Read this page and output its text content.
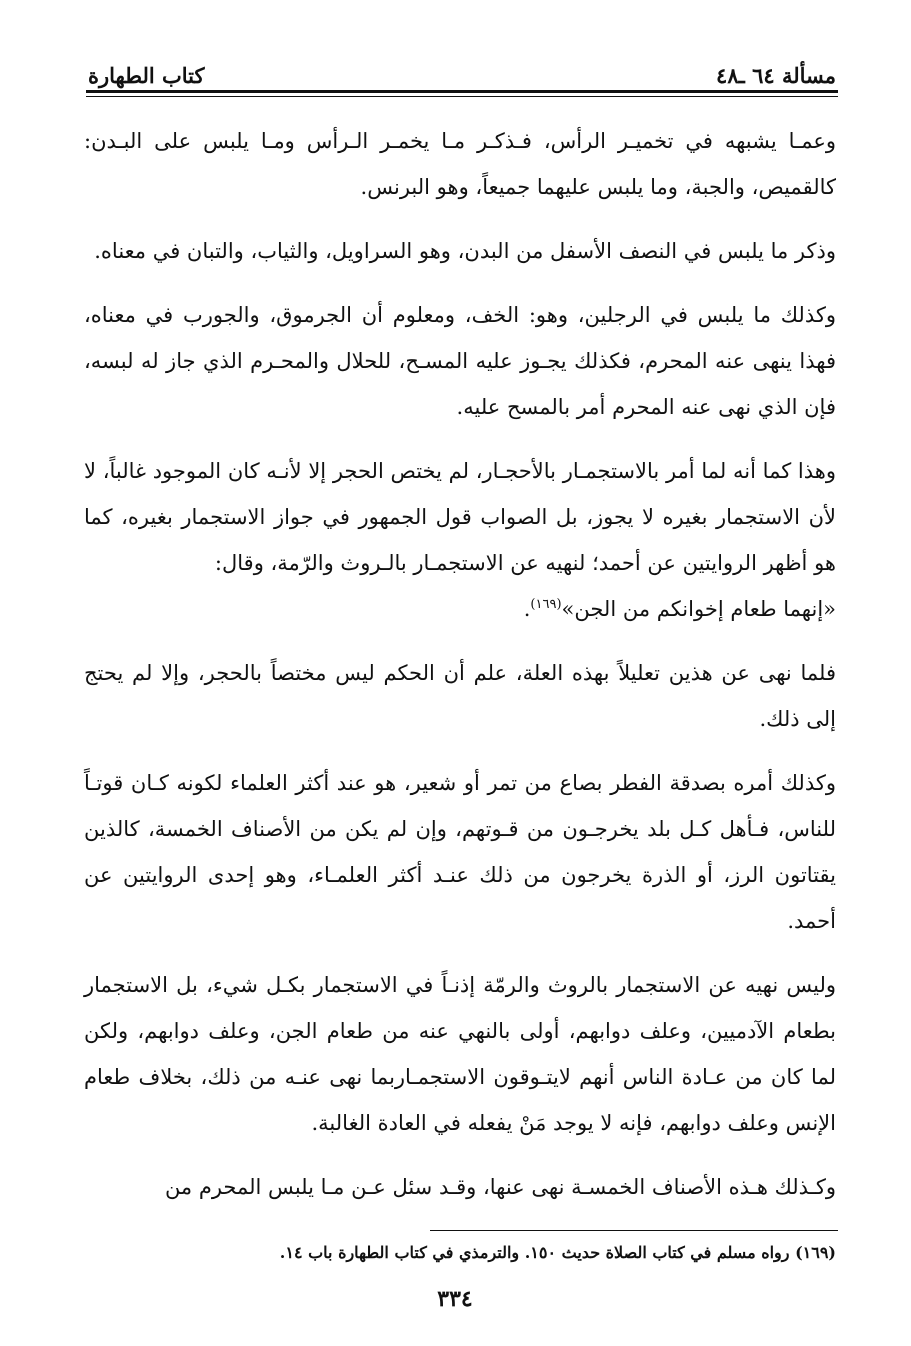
مسألة ٦٤ ـ٤٨
كتاب الطهارة

وعمـا يشبهه في تخميـر الرأس، فـذكـر مـا يخمـر الـرأس ومـا يلبس على البـدن: كالقميص، والجبة، وما يلبس عليهما جميعاً، وهو البرنس.

وذكر ما يلبس في النصف الأسفل من البدن، وهو السراويل، والثياب، والتبان في معناه.

وكذلك ما يلبس في الرجلين، وهو: الخف، ومعلوم أن الجرموق، والجورب في معناه، فهذا ينهى عنه المحرم، فكذلك يجـوز عليه المسـح، للحلال والمحـرم الذي جاز له لبسه، فإن الذي نهى عنه المحرم أمر بالمسح عليه.

وهذا كما أنه لما أمر بالاستجمـار بالأحجـار، لم يختص الحجر إلا لأنـه كان الموجود غالباً، لا لأن الاستجمار بغيره لا يجوز، بل الصواب قول الجمهور في جواز الاستجمار بغيره، كما هو أظهر الروايتين عن أحمد؛ لنهيه عن الاستجمـار بالـروث والرّمة، وقال:

«إنهما طعام إخوانكم من الجن»$^{(١٦٩)}$.

فلما نهى عن هذين تعليلاً بهذه العلة، علم أن الحكم ليس مختصاً بالحجر، وإلا لم يحتج إلى ذلك.

وكذلك أمره بصدقة الفطر بصاع من تمر أو شعير، هو عند أكثر العلماء لكونه كـان قوتـاً للناس، فـأهل كـل بلد يخرجـون من قـوتهم، وإن لم يكن من الأصناف الخمسة، كالذين يقتاتون الرز، أو الذرة يخرجون من ذلك عنـد أكثر العلمـاء، وهو إحدى الروايتين عن أحمد.

وليس نهيه عن الاستجمار بالروث والرمّة إذنـاً في الاستجمار بكـل شيء، بل الاستجمار بطعام الآدميين، وعلف دوابهم، أولى بالنهي عنه من طعام الجن، وعلف دوابهم، ولكن لما كان من عـادة الناس أنهم لايتـوقون الاستجمـاربما نهى عنـه من ذلك، بخلاف طعام الإنس وعلف دوابهم، فإنه لا يوجد مَنْ يفعله في العادة الغالبة.

وكـذلك هـذه الأصناف الخمسـة نهى عنها، وقـد سئل عـن مـا يلبس المحرم من

(١٦٩) رواه مسلم في كتاب الصلاة حديث ١٥٠. والترمذي في كتاب الطهارة باب ١٤.
٣٣٤
